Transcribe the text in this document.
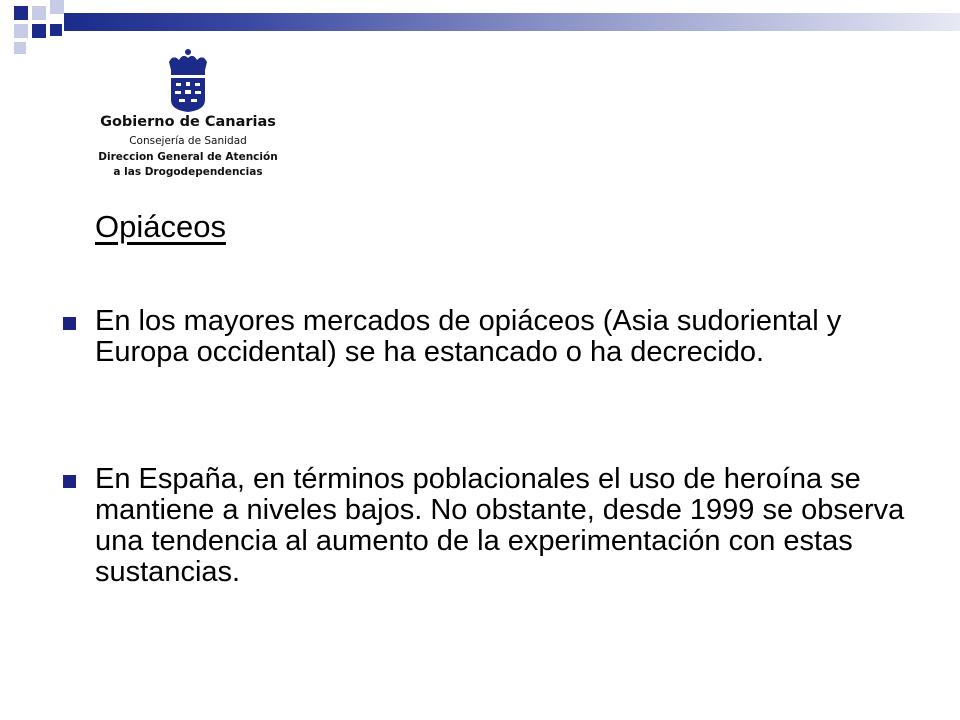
Gobierno de Canarias
Consejería de Sanidad
Direccion General de Atención
a las Drogodependencias
Opiáceos
En los mayores mercados de opiáceos (Asia sudoriental y Europa occidental) se ha estancado o ha decrecido.
En España, en términos poblacionales el uso de heroína se mantiene a niveles bajos. No obstante, desde 1999 se observa una tendencia al aumento de la experimentación con estas sustancias.
